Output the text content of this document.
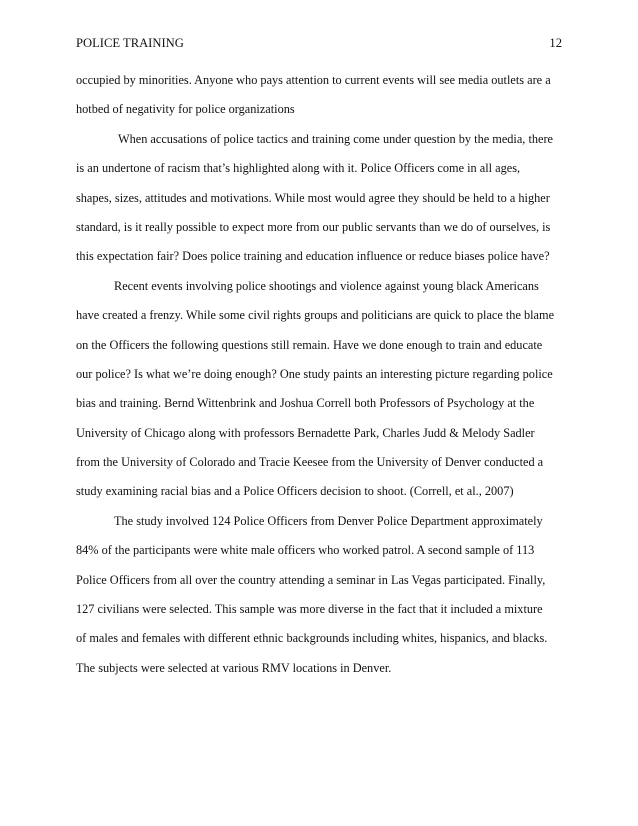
POLICE TRAINING	12
occupied by minorities. Anyone who pays attention to current events will see media outlets are a
hotbed of negativity for police organizations
When accusations of police tactics and training come under question by the media, there
is an undertone of racism that’s highlighted along with it. Police Officers come in all ages,
shapes, sizes, attitudes and motivations. While most would agree they should be held to a higher
standard, is it really possible to expect more from our public servants than we do of ourselves, is
this expectation fair? Does police training and education influence or reduce biases police have?
Recent events involving police shootings and violence against young black Americans
have created a frenzy. While some civil rights groups and politicians are quick to place the blame
on the Officers the following questions still remain. Have we done enough to train and educate
our police? Is what we’re doing enough? One study paints an interesting picture regarding police
bias and training. Bernd Wittenbrink and Joshua Correll both Professors of Psychology at the
University of Chicago along with professors Bernadette Park, Charles Judd & Melody Sadler
from the University of Colorado and Tracie Keesee from the University of Denver conducted a
study examining racial bias and a Police Officers decision to shoot. (Correll, et al., 2007)
The study involved 124 Police Officers from Denver Police Department approximately
84% of the participants were white male officers who worked patrol. A second sample of 113
Police Officers from all over the country attending a seminar in Las Vegas participated. Finally,
127 civilians were selected. This sample was more diverse in the fact that it included a mixture
of males and females with different ethnic backgrounds including whites, hispanics, and blacks.
The subjects were selected at various RMV locations in Denver.
